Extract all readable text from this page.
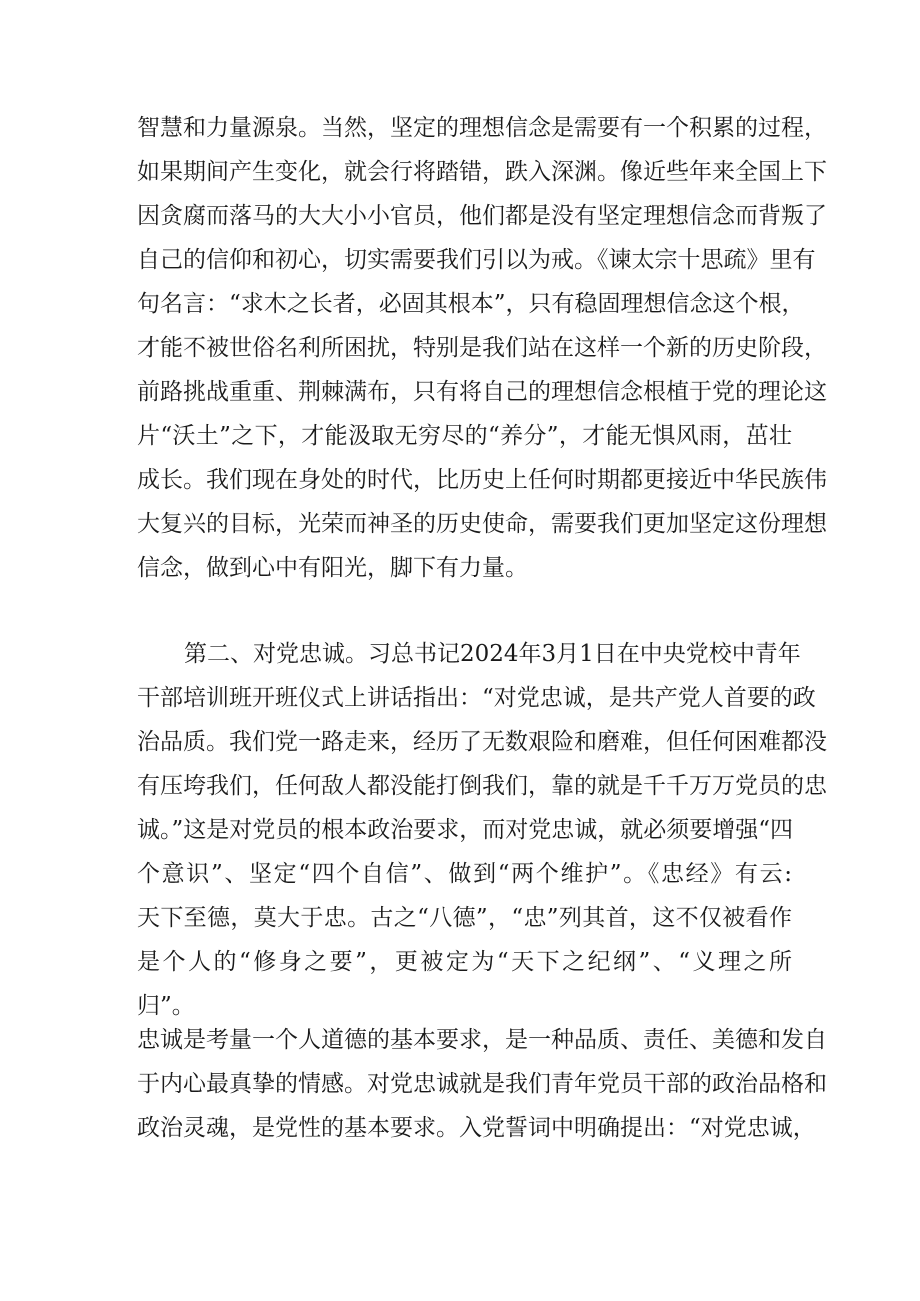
智慧和力量源泉。当然，坚定的理想信念是需要有一个积累的过程，
如果期间产生变化，就会行将踏错，跌入深渊。像近些年来全国上下
因贪腐而落马的大大小小官员，他们都是没有坚定理想信念而背叛了
自己的信仰和初心，切实需要我们引以为戒。《谏太宗十思疏》里有
句名言：“求木之长者，必固其根本”，只有稳固理想信念这个根，
才能不被世俗名利所困扰，特别是我们站在这样一个新的历史阶段，
前路挑战重重、荆棘满布，只有将自己的理想信念根植于党的理论这
片“沃土”之下，才能汲取无穷尽的“养分”，才能无惧风雨，茁壮
成长。我们现在身处的时代，比历史上任何时期都更接近中华民族伟
大复兴的目标，光荣而神圣的历史使命，需要我们更加坚定这份理想
信念，做到心中有阳光，脚下有力量。
第二、对党忠诚。习总书记2024年3月1日在中央党校中青年
干部培训班开班仪式上讲话指出：“对党忠诚，是共产党人首要的政
治品质。我们党一路走来，经历了无数艰险和磨难，但任何困难都没
有压垮我们，任何敌人都没能打倒我们，靠的就是千千万万党员的忠
诚。”这是对党员的根本政治要求，而对党忠诚，就必须要增强“四
个意识”、坚定“四个自信”、做到“两个维护”。《忠经》有云:
天下至德，莫大于忠。古之“八德”，“忠”列其首，这不仅被看作
是个人的“修身之要”，更被定为“天下之纪纲”、“义理之所
归”。
忠诚是考量一个人道德的基本要求，是一种品质、责任、美德和发自
于内心最真挚的情感。对党忠诚就是我们青年党员干部的政治品格和
政治灵魂，是党性的基本要求。入党誓词中明确提出：“对党忠诚，
